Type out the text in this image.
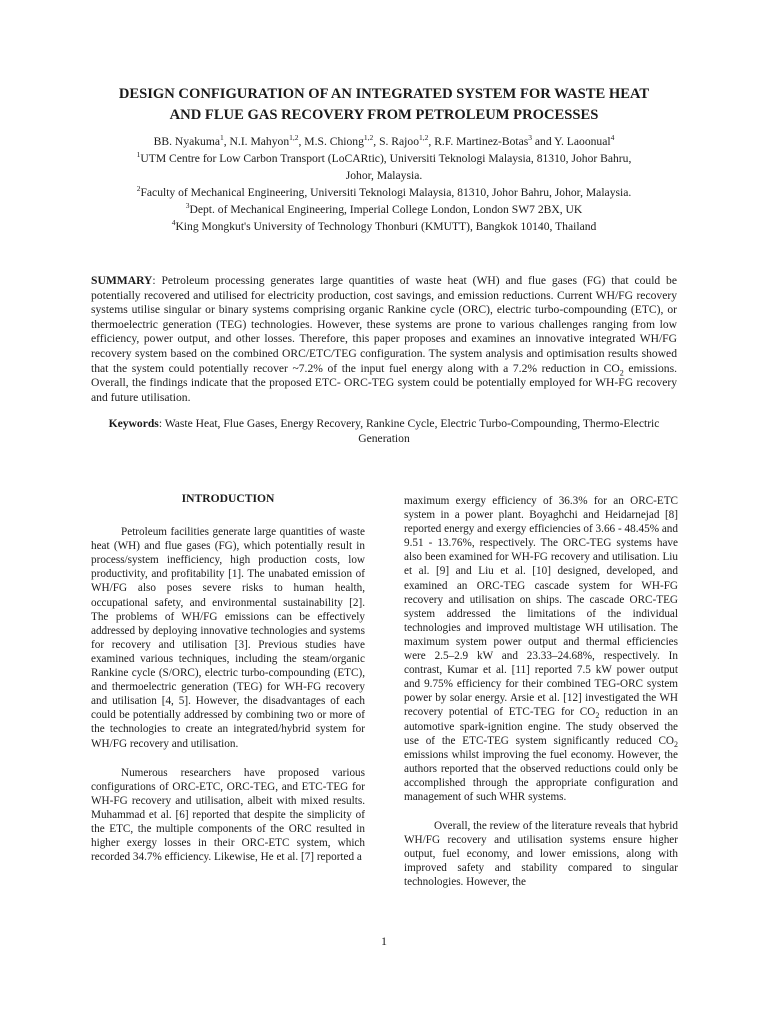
DESIGN CONFIGURATION OF AN INTEGRATED SYSTEM FOR WASTE HEAT
AND FLUE GAS RECOVERY FROM PETROLEUM PROCESSES
BB. Nyakuma$^1$, N.I. Mahyon$^{1,2}$, M.S. Chiong$^{1,2}$, S. Rajoo$^{1,2}$, R.F. Martinez-Botas$^3$ and Y. Laoonual$^4$
$^1$UTM Centre for Low Carbon Transport (LoCARtic), Universiti Teknologi Malaysia, 81310, Johor Bahru,
Johor, Malaysia.
$^2$Faculty of Mechanical Engineering, Universiti Teknologi Malaysia, 81310, Johor Bahru, Johor, Malaysia.
$^3$Dept. of Mechanical Engineering, Imperial College London, London SW7 2BX, UK
$^4$King Mongkut's University of Technology Thonburi (KMUTT), Bangkok 10140, Thailand
SUMMARY: Petroleum processing generates large quantities of waste heat (WH) and flue gases (FG) that could be potentially recovered and utilised for electricity production, cost savings, and emission reductions. Current WH/FG recovery systems utilise singular or binary systems comprising organic Rankine cycle (ORC), electric turbo-compounding (ETC), or thermoelectric generation (TEG) technologies. However, these systems are prone to various challenges ranging from low efficiency, power output, and other losses. Therefore, this paper proposes and examines an innovative integrated WH/FG recovery system based on the combined ORC/ETC/TEG configuration. The system analysis and optimisation results showed that the system could potentially recover ~7.2% of the input fuel energy along with a 7.2% reduction in $CO_2$ emissions. Overall, the findings indicate that the proposed ETC- ORC-TEG system could be potentially employed for WH-FG recovery and future utilisation.
Keywords: Waste Heat, Flue Gases, Energy Recovery, Rankine Cycle, Electric Turbo-Compounding, Thermo-Electric Generation
INTRODUCTION

Petroleum facilities generate large quantities of waste heat (WH) and flue gases (FG), which potentially result in process/system inefficiency, high production costs, low productivity, and profitability [1]. The unabated emission of WH/FG also poses severe risks to human health, occupational safety, and environmental sustainability [2]. The problems of WH/FG emissions can be effectively addressed by deploying innovative technologies and systems for recovery and utilisation [3]. Previous studies have examined various techniques, including the steam/organic Rankine cycle (S/ORC), electric turbo-compounding (ETC), and thermoelectric generation (TEG) for WH-FG recovery and utilisation [4, 5]. However, the disadvantages of each could be potentially addressed by combining two or more of the technologies to create an integrated/hybrid system for WH/FG recovery and utilisation.

Numerous researchers have proposed various configurations of ORC-ETC, ORC-TEG, and ETC-TEG for WH-FG recovery and utilisation, albeit with mixed results. Muhammad et al. [6] reported that despite the simplicity of the ETC, the multiple components of the ORC resulted in higher exergy losses in their ORC-ETC system, which recorded 34.7% efficiency. Likewise, He et al. [7] reported a

maximum exergy efficiency of 36.3% for an ORC-ETC system in a power plant. Boyaghchi and Heidarnejad [8] reported energy and exergy efficiencies of 3.66 - 48.45% and 9.51 - 13.76%, respectively. The ORC-TEG systems have also been examined for WH-FG recovery and utilisation. Liu et al. [9] and Liu et al. [10] designed, developed, and examined an ORC-TEG cascade system for WH-FG recovery and utilisation on ships. The cascade ORC-TEG system addressed the limitations of the individual technologies and improved multistage WH utilisation. The maximum system power output and thermal efficiencies were 2.5–2.9 kW and 23.33–24.68%, respectively. In contrast, Kumar et al. [11] reported 7.5 kW power output and 9.75% efficiency for their combined TEG-ORC system power by solar energy. Arsie et al. [12] investigated the WH recovery potential of ETC-TEG for $CO_2$ reduction in an automotive spark-ignition engine. The study observed the use of the ETC-TEG system significantly reduced $CO_2$ emissions whilst improving the fuel economy. However, the authors reported that the observed reductions could only be accomplished through the appropriate configuration and management of such WHR systems.

Overall, the review of the literature reveals that hybrid WH/FG recovery and utilisation systems ensure higher output, fuel economy, and lower emissions, along with improved safety and stability compared to singular technologies. However, the

1
